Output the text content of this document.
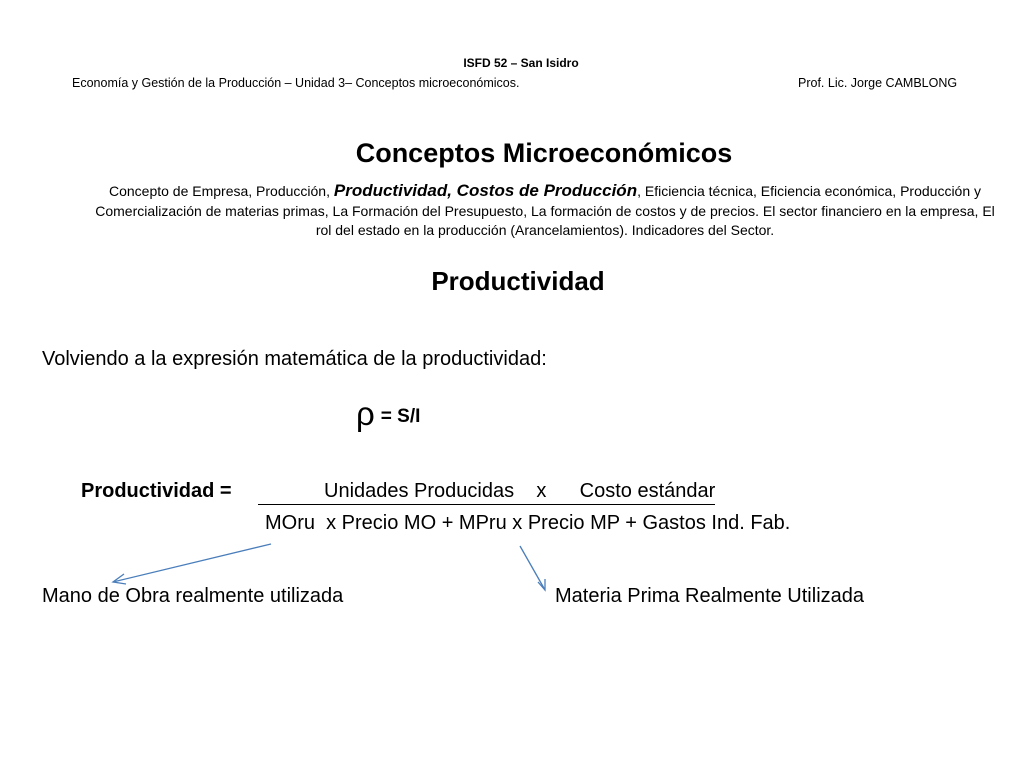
ISFD 52 – San Isidro
Economía y Gestión de la Producción – Unidad 3– Conceptos microeconómicos.	Prof. Lic. Jorge CAMBLONG
Conceptos Microeconómicos
Concepto de Empresa, Producción, Productividad, Costos de Producción, Eficiencia técnica, Eficiencia económica, Producción y Comercialización de materias primas, La Formación del Presupuesto, La formación de costos y de precios. El sector financiero en la empresa, El rol del estado en la producción (Arancelamientos). Indicadores del Sector.
Productividad
Volviendo a la expresión matemática de la productividad:
ρ = S/I
Productividad =	Unidades Producidas    x      Costo estándar
MOru  x Precio MO + MPru x Precio MP + Gastos Ind. Fab.
Mano de Obra realmente utilizada	Materia Prima Realmente Utilizada
